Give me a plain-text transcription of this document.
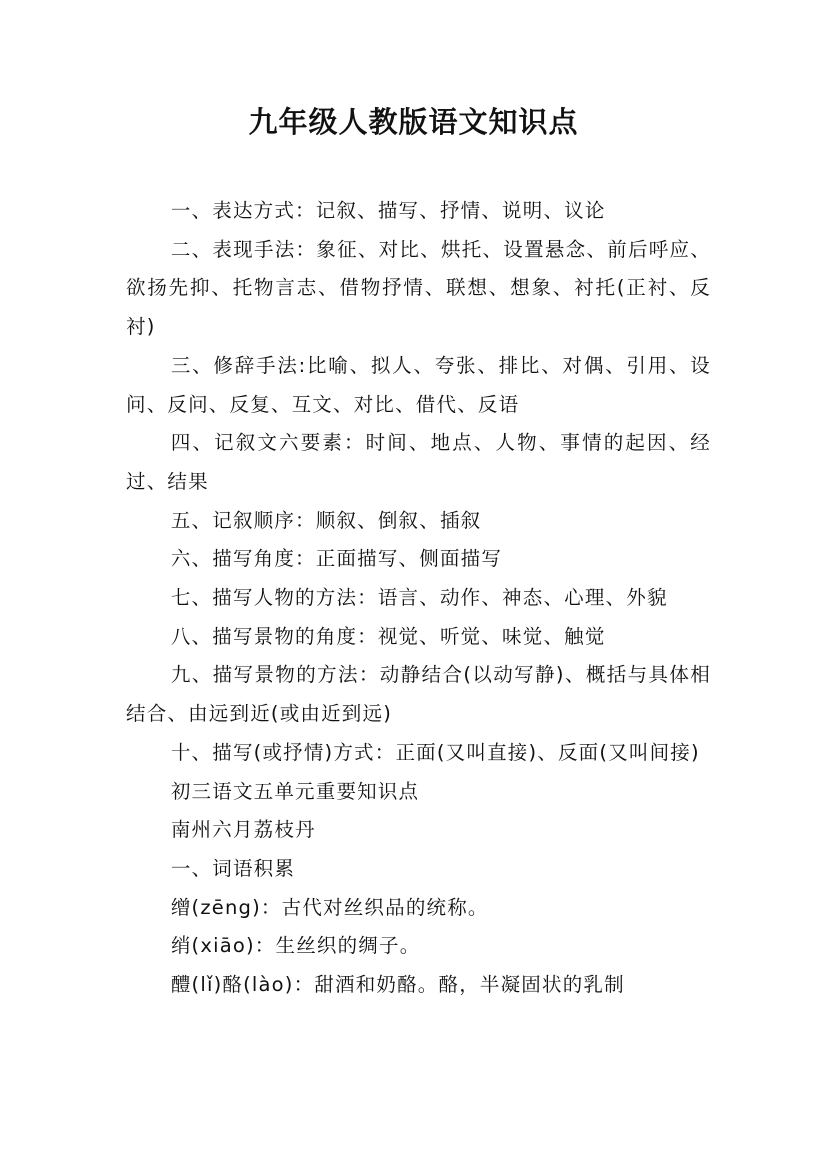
九年级人教版语文知识点

一、表达方式：记叙、描写、抒情、说明、议论

二、表现手法：象征、对比、烘托、设置悬念、前后呼应、欲扬先抑、托物言志、借物抒情、联想、想象、衬托(正衬、反衬)

三、修辞手法:比喻、拟人、夸张、排比、对偶、引用、设问、反问、反复、互文、对比、借代、反语

四、记叙文六要素：时间、地点、人物、事情的起因、经过、结果

五、记叙顺序：顺叙、倒叙、插叙

六、描写角度：正面描写、侧面描写

七、描写人物的方法：语言、动作、神态、心理、外貌

八、描写景物的角度：视觉、听觉、味觉、触觉

九、描写景物的方法：动静结合(以动写静)、概括与具体相结合、由远到近(或由近到远)

十、描写(或抒情)方式：正面(又叫直接)、反面(又叫间接)

初三语文五单元重要知识点

南州六月荔枝丹

一、词语积累

缯(zēng)：古代对丝织品的统称。

绡(xiāo)：生丝织的绸子。

醴(lǐ)酪(lào)：甜酒和奶酪。酪，半凝固状的乳制
